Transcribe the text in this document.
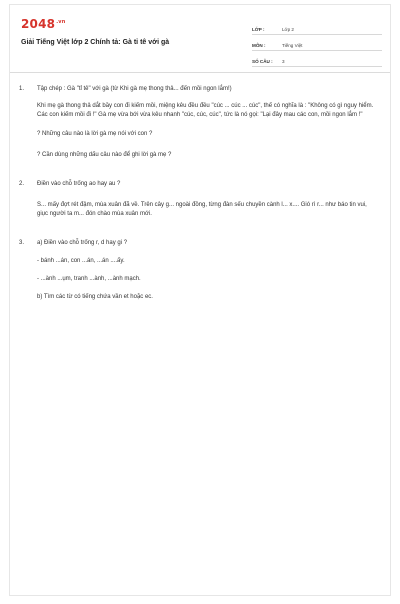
$2048^{.vn}$
Giải Tiếng Việt lớp 2 Chính tả: Gà tỉ tê với gà
LỚP :	Lớp 2
MÔN :	Tiếng Việt
SỐ CÂU :	3
1.	Tập chép : Gà "tỉ tê" với gà (từ Khi gà mẹ thong thả... đến mồi ngon lắm!)

Khi mẹ gà thong thả dắt bầy con đi kiếm mồi, miệng kêu đều đều "cúc ... cúc ... cúc", thế có nghĩa là : "Không có gì nguy hiểm. Các con kiếm mồi đi !" Gà mẹ vừa bới vừa kêu nhanh "cúc, cúc, cúc", tức là nó gọi: "Lại đây mau các con, mồi ngon lắm !"

? Những câu nào là lời gà mẹ nói với con ?

? Cần dùng những dấu câu nào để ghi lời gà mẹ ?

2.	Điền vào chỗ trống ao hay au ?

S... mấy đợt rét đậm, mùa xuân đã về. Trên cây g... ngoài đồng, từng đàn sếu chuyền cành l... x.... Gió rì r... như báo tin vui, giục người ta m... đón chào mùa xuân mới.

3.	a) Điền vào chỗ trống r, d hay gi ?

- bánh ...án, con ...án, ...án ....ấy.

- ...ành ...ụm, tranh ...ành, ...ành mạch.

b) Tìm các từ có tiếng chứa vần et hoặc ec.
